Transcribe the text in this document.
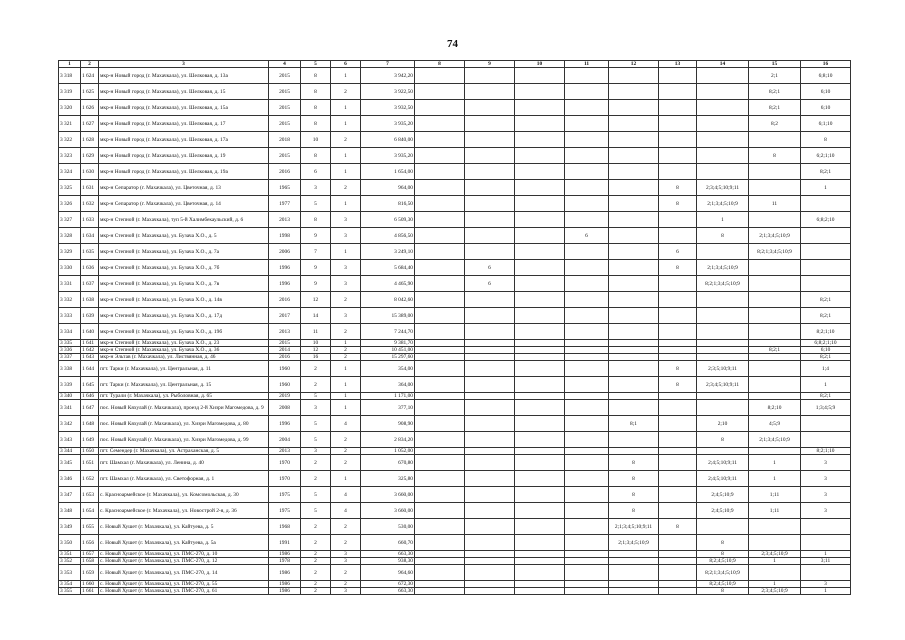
74
1	2	3	4	5	6	7	8	9	10	11	12	13	14	15	16
3 318	1 624	мкр-н Новый город (г. Махачкала), ул. Шелковая, д. 13а	2015	8	1	3 942,20								2;1	6;8;10
3 319	1 625	мкр-н Новый город (г. Махачкала), ул. Шелковая, д. 15	2015	8	2	3 922,50								8;2;1	6;10
3 320	1 626	мкр-н Новый город (г. Махачкала), ул. Шелковая, д. 15а	2015	8	1	3 932,50								8;2;1	6;10
3 321	1 627	мкр-н Новый город (г. Махачкала), ул. Шелковая, д. 17	2015	8	1	3 935,20								8;2	6;1;10
3 322	1 628	мкр-н Новый город (г. Махачкала), ул. Шелковая, д. 17а	2018	10	2	6 840,00									8
3 323	1 629	мкр-н Новый город (г. Махачкала), ул. Шелковая, д. 19	2015	8	1	3 935,20								8	6;2;1;10
3 324	1 630	мкр-н Новый город (г. Махачкала), ул. Шелковая, д. 19а	2016	6	1	1 654,00									8;2;1
3 325	1 631	мкр-н Сепаратор (г. Махачкала), ул. Цветочная, д. 13	1965	3	2	964,00						8	2;3;4;5;10;9;11		1
3 326	1 632	мкр-н Сепаратор (г. Махачкала), ул. Цветочная, д. 14	1977	5	1	816,50						8	2;1;3;4;5;10;9	11	
3 327	1 633	мкр-н Степной (г. Махачкала), туп 5-й Халимбекаульский, д. 6	2013	8	3	6 509,30							1		6;8;2;10
3 328	1 634	мкр-н Степной (г. Махачкала), ул. Бузача Х.О., д. 5	1998	9	3	4 856,50				6			8	2;1;3;4;5;10;9	
3 329	1 635	мкр-н Степной (г. Махачкала), ул. Бузача Х.О., д. 7а	2006	7	1	3 249,10						6		8;2;1;3;4;5;10;9	
3 330	1 636	мкр-н Степной (г. Махачкала), ул. Бузача Х.О., д. 7б	1996	9	3	5 684,40		6				8	2;1;3;4;5;10;9		
3 331	1 637	мкр-н Степной (г. Махачкала), ул. Бузача Х.О., д. 7в	1996	9	3	4 465,90		6					8;2;1;3;4;5;10;9		
3 332	1 638	мкр-н Степной (г. Махачкала), ул. Бузача Х.О., д. 14в	2016	12	2	8 042,60									8;2;1
3 333	1 639	мкр-н Степной (г. Махачкала), ул. Бузача Х.О., д. 17д	2017	14	3	15 389,00									8;2;1
3 334	1 640	мкр-н Степной (г. Махачкала), ул. Бузача Х.О., д. 19б	2013	11	2	7 244,70									8;2;1;10
3 335	1 641	мкр-н Степной (г. Махачкала), ул. Бузача Х.О., д. 23	2015	10	1	9 381,70									6;8;2;1;10
3 336	1 642	мкр-н Степной (г. Махачкала), ул. Бузача Х.О., д. 36	2014	12	2	10 451,00								8;2;1	6;10
3 337	1 643	мкр-н Эльтав (г. Махачкала), ул. Листвянная, д. 46	2016	16	2	15 297,60									8;2;1
3 338	1 644	пгт. Тарки (г. Махачкала), ул. Центральная, д. 11	1960	2	1	354,00						8	2;3;5;10;9;11		1;4
3 339	1 645	пгт. Тарки (г. Махачкала), ул. Центральная, д. 15	1960	2	1	364,00						8	2;3;4;5;10;9;11		1
3 340	1 646	пгт. Турали (г. Махачкала), ул. Рыболовная, д. 65	2019	5	1	1 171,00									8;2;1
3 341	1 647	пос. Новый Кяхулай (г. Махачкала), проезд 2-й Хизри Магомедова, д. 9	2008	3	1	377,10								8;2;10	1;3;4;5;9
3 342	1 648	пос. Новый Кяхулай (г. Махачкала), ул. Хизри Магомедова, д. 80	1996	5	4	908,90					8;1		2;10	4;5;9	
3 343	1 649	пос. Новый Кяхулай (г. Махачкала), ул. Хизри Магомедова, д. 99	2004	5	2	2 834,20							8	2;1;3;4;5;10;9	
3 344	1 650	пгт. Семендер (г. Махачкала), ул. Астраханская, д. 5	2013	3	2	1 052,00									8;2;1;10
3 345	1 651	пгт. Шамхал (г. Махачкала), ул. Ленина, д. 40	1970	2	2	670,80					8		2;4;5;10;9;11	1	3
3 346	1 652	пгт. Шамхал (г. Махачкала), ул. Светофорная, д. 1	1970	2	1	325,80					8		2;4;5;10;9;11	1	3
3 347	1 653	с. Красноармейское (г. Махачкала), ул. Комсомольская, д. 30	1975	5	4	3 660,00					8		2;4;5;10;9	1;11	3
3 348	1 654	с. Красноармейское (г. Махачкала), ул. Новострой 2-я, д. 36	1975	5	4	3 660,00					8		2;4;5;10;9	1;11	3
3 349	1 655	с. Новый Хушет (г. Махачкала), ул. Кайтуева, д. 5	1968	2	2	530,00					2;1;3;4;5;10;9;11	8			
3 350	1 656	с. Новый Хушет (г. Махачкала), ул. Кайтуева, д. 5а	1991	2	2	660,70					2;1;3;4;5;10;9		8		
3 351	1 657	с. Новый Хушет (г. Махачкала), ул. ПМС-270, д. 10	1986	2	3	663,30							8	2;3;4;5;10;9	1
3 352	1 658	с. Новый Хушет (г. Махачкала), ул. ПМС-270, д. 12	1978	2	3	938,30							8;2;4;5;10;9	1	3;11
3 353	1 659	с. Новый Хушет (г. Махачкала), ул. ПМС-270, д. 14	1986	2	2	964,60							8;2;1;3;4;5;10;9		
3 354	1 660	с. Новый Хушет (г. Махачкала), ул. ПМС-270, д. 55	1986	2	2	672,30							8;2;4;5;10;9	1	3
3 355	1 661	с. Новый Хушет (г. Махачкала), ул. ПМС-270, д. 61	1986	2	3	663,30							8	2;3;4;5;10;9	1
